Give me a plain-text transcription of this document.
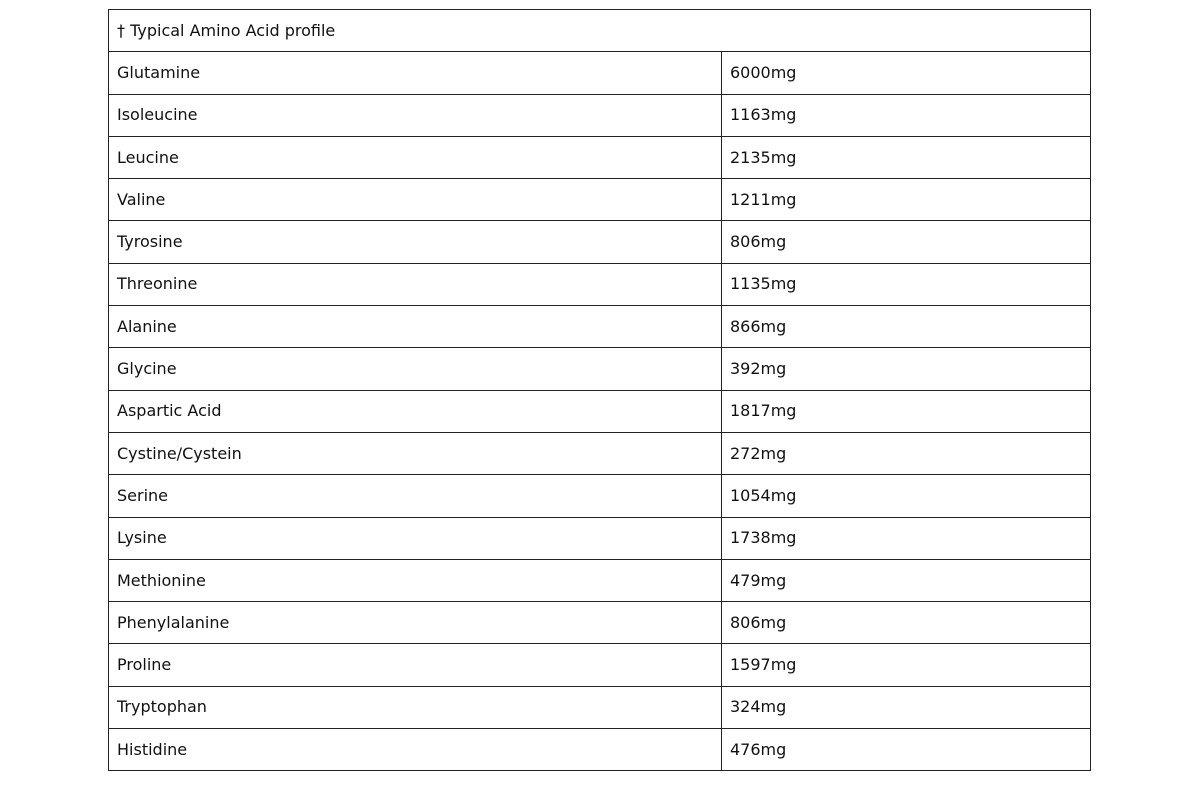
† Typical Amino Acid profile	
Glutamine	6000mg
Isoleucine	1163mg
Leucine	2135mg
Valine	1211mg
Tyrosine	806mg
Threonine	1135mg
Alanine	866mg
Glycine	392mg
Aspartic Acid	1817mg
Cystine/Cystein	272mg
Serine	1054mg
Lysine	1738mg
Methionine	479mg
Phenylalanine	806mg
Proline	1597mg
Tryptophan	324mg
Histidine	476mg
